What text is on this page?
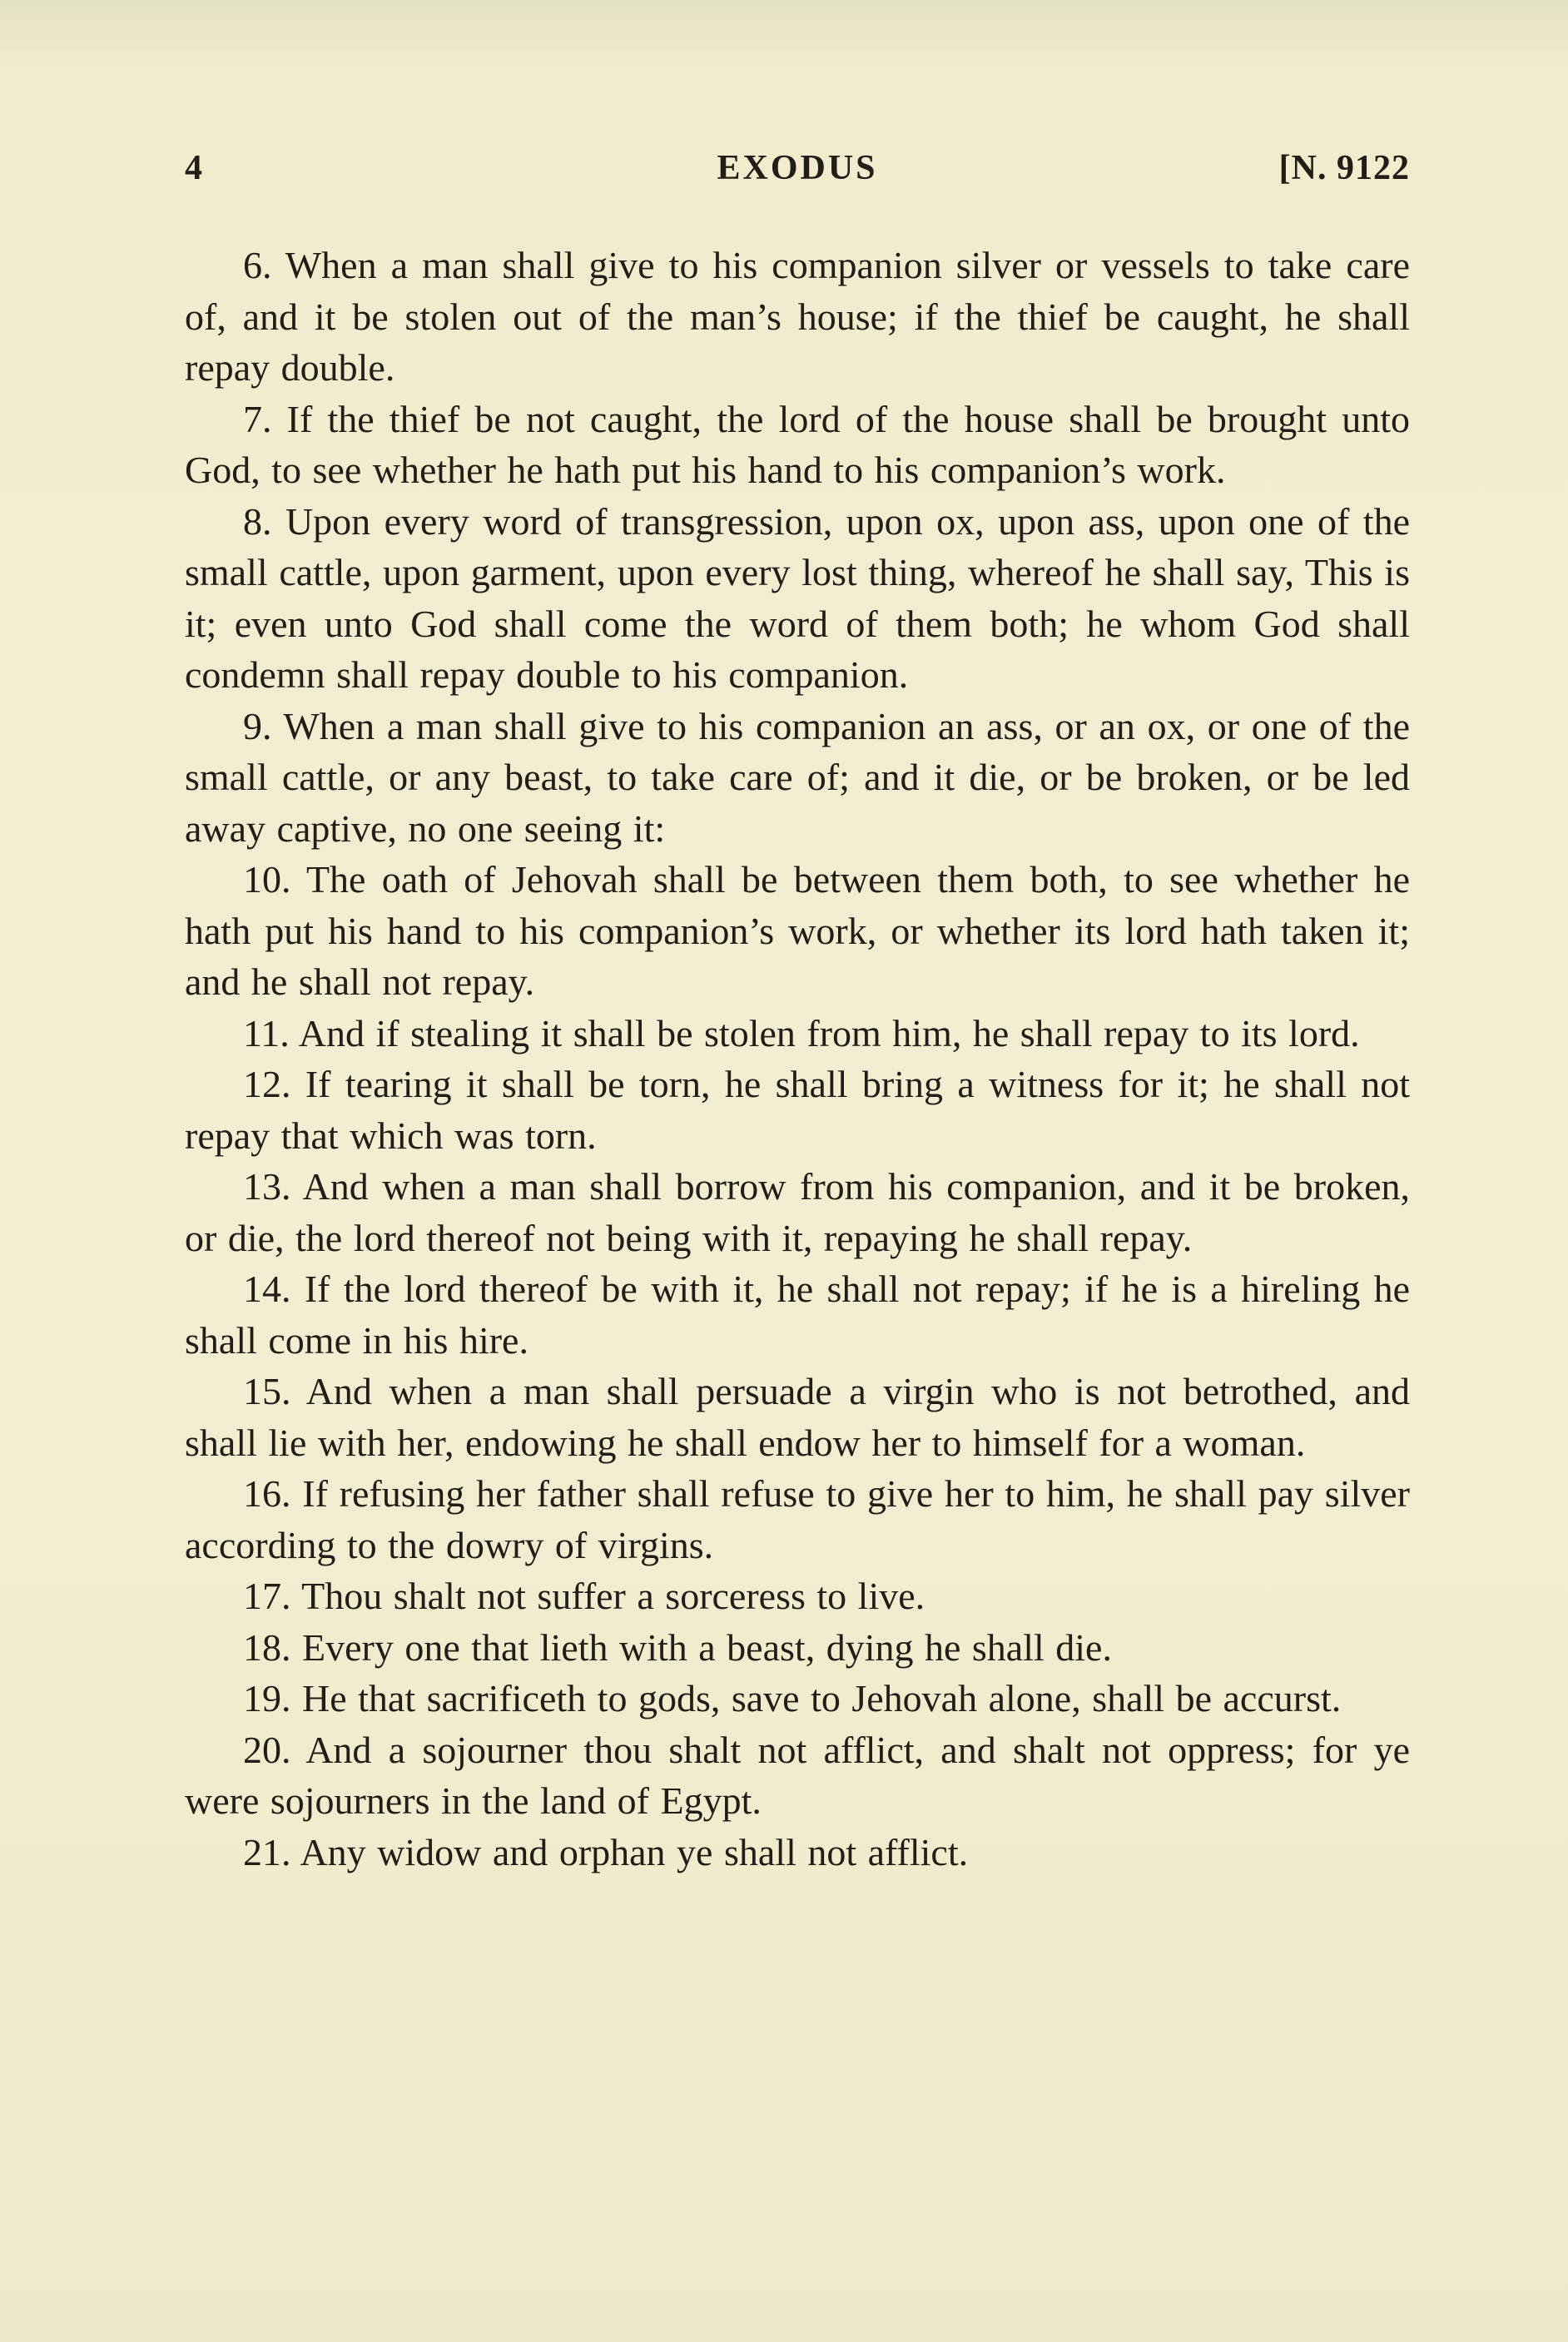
4	EXODUS	[N. 9122

6. When a man shall give to his companion silver or vessels to take care of, and it be stolen out of the man’s house; if the thief be caught, he shall repay double.

7. If the thief be not caught, the lord of the house shall be brought unto God, to see whether he hath put his hand to his companion’s work.

8. Upon every word of transgression, upon ox, upon ass, upon one of the small cattle, upon garment, upon every lost thing, whereof he shall say, This is it; even unto God shall come the word of them both; he whom God shall condemn shall repay double to his companion.

9. When a man shall give to his companion an ass, or an ox, or one of the small cattle, or any beast, to take care of; and it die, or be broken, or be led away captive, no one seeing it:

10. The oath of Jehovah shall be between them both, to see whether he hath put his hand to his companion’s work, or whether its lord hath taken it; and he shall not repay.

11. And if stealing it shall be stolen from him, he shall repay to its lord.

12. If tearing it shall be torn, he shall bring a witness for it; he shall not repay that which was torn.

13. And when a man shall borrow from his companion, and it be broken, or die, the lord thereof not being with it, repaying he shall repay.

14. If the lord thereof be with it, he shall not repay; if he is a hireling he shall come in his hire.

15. And when a man shall persuade a virgin who is not betrothed, and shall lie with her, endowing he shall endow her to himself for a woman.

16. If refusing her father shall refuse to give her to him, he shall pay silver according to the dowry of virgins.

17. Thou shalt not suffer a sorceress to live.

18. Every one that lieth with a beast, dying he shall die.

19. He that sacrificeth to gods, save to Jehovah alone, shall be accurst.

20. And a sojourner thou shalt not afflict, and shalt not oppress; for ye were sojourners in the land of Egypt.

21. Any widow and orphan ye shall not afflict.
